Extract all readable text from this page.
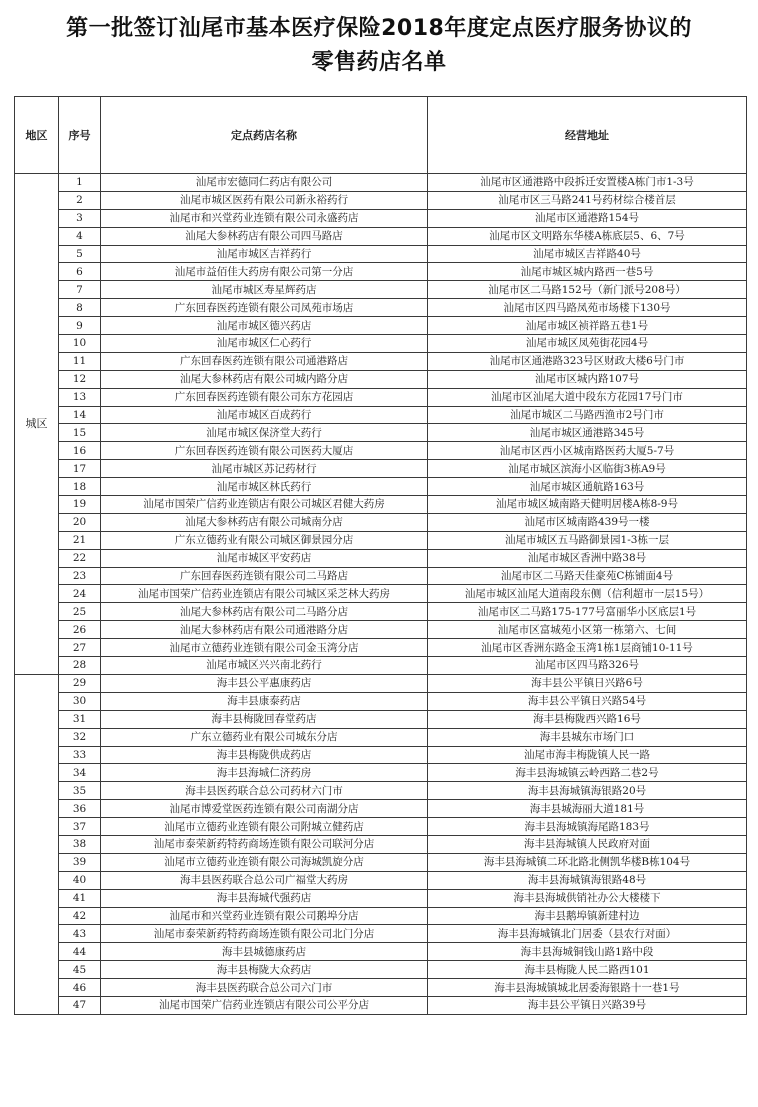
第一批签订汕尾市基本医疗保险2018年度定点医疗服务协议的
零售药店名单
地区	序号	定点药店名称	经营地址
城区	1	汕尾市宏德同仁药店有限公司	汕尾市区通港路中段拆迁安置楼A栋门市1-3号
	2	汕尾市城区医药有限公司新永裕药行	汕尾市区三马路241号药材综合楼首层
	3	汕尾市和兴堂药业连锁有限公司永盛药店	汕尾市区通港路154号
	4	汕尾大参林药店有限公司四马路店	汕尾市区文明路东华楼A栋底层5、6、7号
	5	汕尾市城区吉祥药行	汕尾市城区吉祥路40号
	6	汕尾市益佰佳大药房有限公司第一分店	汕尾市城区城内路西一巷5号
	7	汕尾市城区寿星辉药店	汕尾市区二马路152号（新门派号208号）
	8	广东回春医药连锁有限公司凤苑市场店	汕尾市区四马路凤苑市场楼下130号
	9	汕尾市城区德兴药店	汕尾市城区祯祥路五巷1号
	10	汕尾市城区仁心药行	汕尾市城区凤苑街花园4号
	11	广东回春医药连锁有限公司通港路店	汕尾市区通港路323号区财政大楼6号门市
	12	汕尾大参林药店有限公司城内路分店	汕尾市区城内路107号
	13	广东回春医药连锁有限公司东方花园店	汕尾市区汕尾大道中段东方花园17号门市
	14	汕尾市城区百成药行	汕尾市城区二马路西渔市2号门市
	15	汕尾市城区保济堂大药行	汕尾市城区通港路345号
	16	广东回春医药连锁有限公司医药大厦店	汕尾市区西小区城南路医药大厦5-7号
	17	汕尾市城区苏记药材行	汕尾市城区滨海小区临街3栋A9号
	18	汕尾市城区林氏药行	汕尾市城区通航路163号
	19	汕尾市国荣广信药业连锁店有限公司城区君健大药房	汕尾市城区城南路天健明居楼A栋8-9号
	20	汕尾大参林药店有限公司城南分店	汕尾市区城南路439号一楼
	21	广东立德药业有限公司城区御景园分店	汕尾市城区五马路御景园1-3栋一层
	22	汕尾市城区平安药店	汕尾市城区香洲中路38号
	23	广东回春医药连锁有限公司二马路店	汕尾市区二马路天佳豪苑C栋铺面4号
	24	汕尾市国荣广信药业连锁店有限公司城区采芝林大药房	汕尾市城区汕尾大道南段东侧（信利超市一层15号）
	25	汕尾大参林药店有限公司二马路分店	汕尾市区二马路175-177号富丽华小区底层1号
	26	汕尾大参林药店有限公司通港路分店	汕尾市区富城苑小区第一栋第六、七间
	27	汕尾市立德药业连锁有限公司金玉湾分店	汕尾市区香洲东路金玉湾1栋1层商铺10-11号
	28	汕尾市城区兴兴南北药行	汕尾市区四马路326号
	29	海丰县公平惠康药店	海丰县公平镇日兴路6号
	30	海丰县康泰药店	海丰县公平镇日兴路54号
	31	海丰县梅陇回春堂药店	海丰县梅陇西兴路16号
	32	广东立德药业有限公司城东分店	海丰县城东市场门口
	33	海丰县梅陇供成药店	汕尾市海丰梅陇镇人民一路
	34	海丰县海城仁济药房	海丰县海城镇云岭西路二巷2号
	35	海丰县医药联合总公司药材六门市	海丰县海城镇海银路20号
	36	汕尾市博爱堂医药连锁有限公司南湖分店	海丰县城海丽大道181号
	37	汕尾市立德药业连锁有限公司附城立健药店	海丰县海城镇海尾路183号
	38	汕尾市泰荣新药特药商场连锁有限公司联河分店	海丰县海城镇人民政府对面
	39	汕尾市立德药业连锁有限公司海城凯旋分店	海丰县海城镇二环北路北侧凯华楼B栋104号
	40	海丰县医药联合总公司广福堂大药房	海丰县海城镇海银路48号
	41	海丰县海城代强药店	海丰县海城供销社办公大楼楼下
	42	汕尾市和兴堂药业连锁有限公司鹅埠分店	海丰县鹅埠镇新建村边
	43	汕尾市泰荣新药特药商场连锁有限公司北门分店	海丰县海城镇北门居委（县农行对面）
	44	海丰县城德康药店	海丰县海城铜钱山路1路中段
	45	海丰县梅陇大众药店	海丰县梅陇人民二路西101
	46	海丰县医药联合总公司六门市	海丰县海城镇城北居委海银路十一巷1号
	47	汕尾市国荣广信药业连锁店有限公司公平分店	海丰县公平镇日兴路39号
